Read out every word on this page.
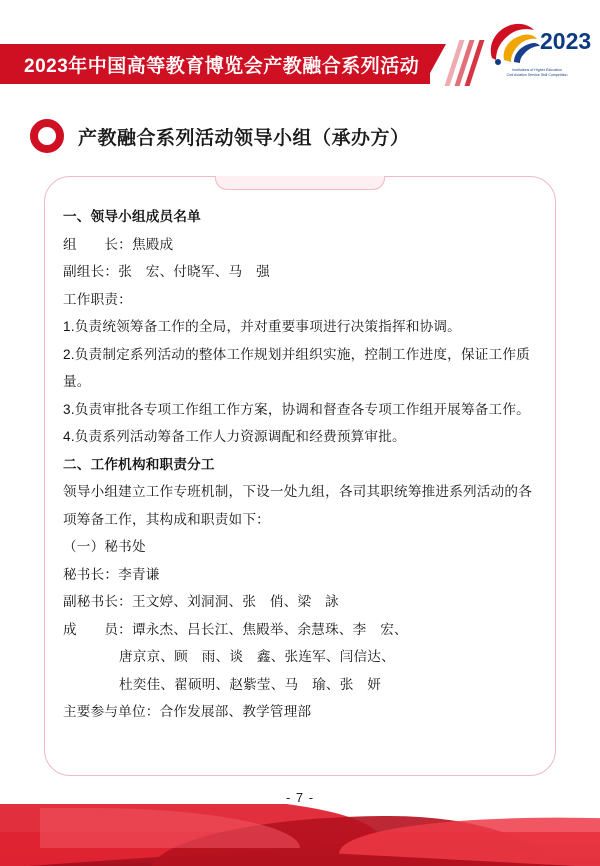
2023年中国高等教育博览会产教融合系列活动
2023
Institutions of Higher Education
Civil Aviation Service Skill Competition
产教融合系列活动领导小组（承办方）

一、领导小组成员名单

组　　长： 焦殿成
副组长： 张　宏、付晓军、马　强

工作职责：

1.负责统领筹备工作的全局，并对重要事项进行决策指挥和协调。

2.负责制定系列活动的整体工作规划并组织实施，控制工作进度，保证工作质量。

3.负责审批各专项工作组工作方案，协调和督查各专项工作组开展筹备工作。

4.负责系列活动筹备工作人力资源调配和经费预算审批。

二、工作机构和职责分工

领导小组建立工作专班机制，下设一处九组，各司其职统筹推进系列活动的各项筹备工作，其构成和职责如下：

（一）秘书处

秘书长： 李青谦
副秘书长： 王文婷、刘洞洞、张　俏、梁　詠
成　　员： 谭永杰、吕长江、焦殿举、余慧珠、李　宏、
唐京京、顾　雨、谈　鑫、张连军、闫信达、
杜奕佳、翟硕明、赵紫莹、马　瑜、张　妍
主要参与单位： 合作发展部、教学管理部
- 7 -
